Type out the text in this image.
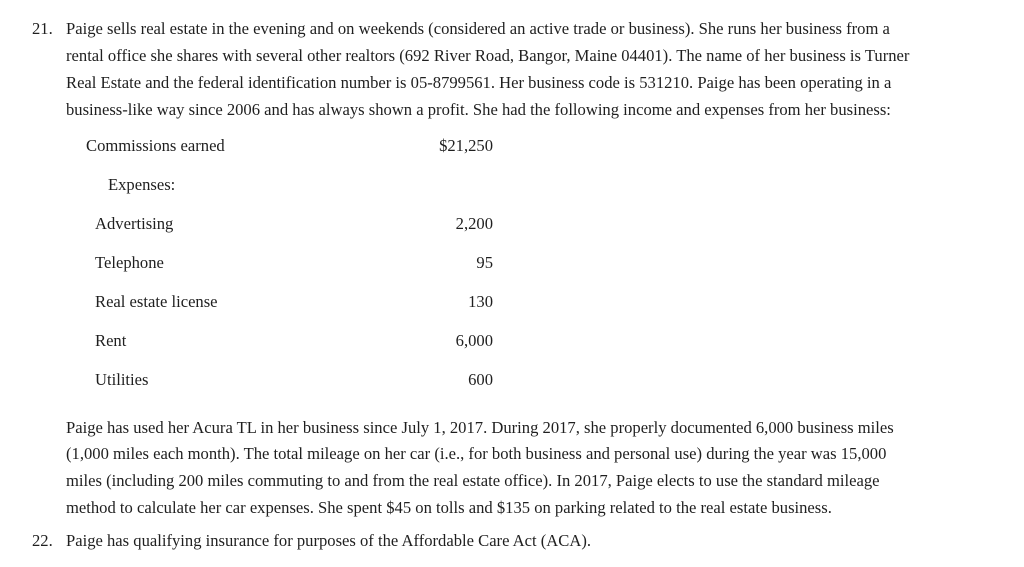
21. Paige sells real estate in the evening and on weekends (considered an active trade or business). She runs her business from a
rental office she shares with several other realtors (692 River Road, Bangor, Maine 04401). The name of her business is Turner
Real Estate and the federal identification number is 05-8799561. Her business code is 531210. Paige has been operating in a
business-like way since 2006 and has always shown a profit. She had the following income and expenses from her business:
Commissions earned	$21,250
Expenses:
Advertising	2,200
Telephone	95
Real estate license	130
Rent	6,000
Utilities	600
Paige has used her Acura TL in her business since July 1, 2017. During 2017, she properly documented 6,000 business miles
(1,000 miles each month). The total mileage on her car (i.e., for both business and personal use) during the year was 15,000
miles (including 200 miles commuting to and from the real estate office). In 2017, Paige elects to use the standard mileage
method to calculate her car expenses. She spent $45 on tolls and $135 on parking related to the real estate business.
22. Paige has qualifying insurance for purposes of the Affordable Care Act (ACA).
